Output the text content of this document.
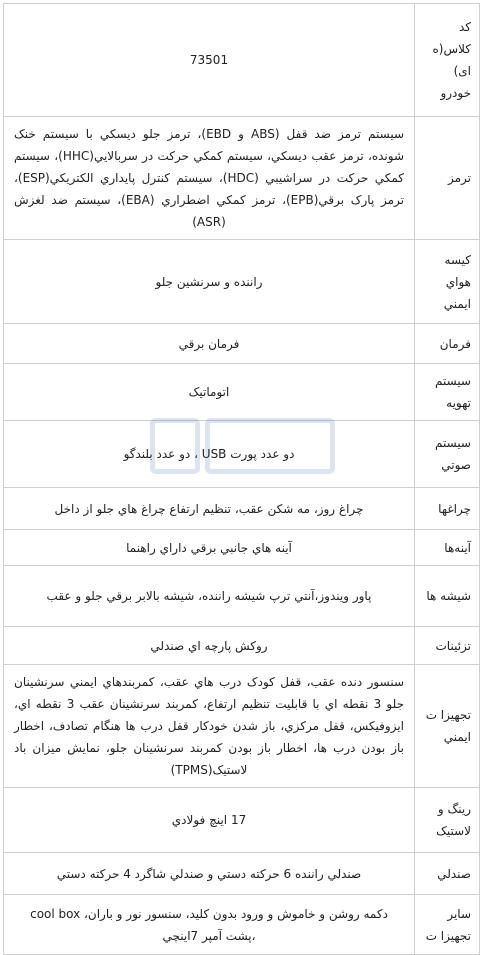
کد کلاس(ه ای) خودرو	73501
ترمز	سیستم ترمز ضد قفل (ABS و EBD)، ترمز جلو دیسکي با سیستم خنک شونده، ترمز عقب دیسکي، سیستم کمکي حرکت در سربالایي(HHC)، سیستم کمکي حرکت در سراشیبي (HDC)، سیستم کنترل پایداري الکتریکي(ESP)، ترمز پارک برقي(EPB)، ترمز کمکي اضطراري (EBA)، سیستم ضد لغزش (ASR)
کیسه هواي ایمني	راننده و سرنشین جلو
فرمان	فرمان برقي
سیستم تهویه	اتوماتیک
سیستم صوتي	دو عدد پورت USB ، دو عدد بلندگو
چراغها	چراغ روز، مه شکن عقب، تنظیم ارتفاع چراغ هاي جلو از داخل
آینه‌ها	آینه هاي جانبي برقي داراي راهنما
شیشه ها	پاور ویندوز،آنتي ترپ شیشه راننده، شیشه بالابر برقي جلو و عقب
تزئینات	روکش پارچه اي صندلي
تجهیزا ت ایمني	سنسور دنده عقب، قفل کودک درب هاي عقب، کمربندهاي ایمني سرنشینان جلو 3 نقطه اي با قابلیت تنظیم ارتفاع، کمربند سرنشینان عقب 3 نقطه اي، ایزوفیکس، قفل مرکزي، باز شدن خودکار قفل درب ها هنگام تصادف، اخطار باز بودن درب ها، اخطار باز بودن کمربند سرنشینان جلو، نمایش میزان باد لاستیک(TPMS)
رینگ و لاستیک	17 اینچ فولادي
صندلي	صندلي راننده 6 حرکته دستي و صندلي شاگرد 4 حرکته دستي
سایر تجهیزا ت	دکمه روشن و خاموش و ورود بدون کلید، سنسور نور و باران، cool box ،پشت آمپر 7اینچي
